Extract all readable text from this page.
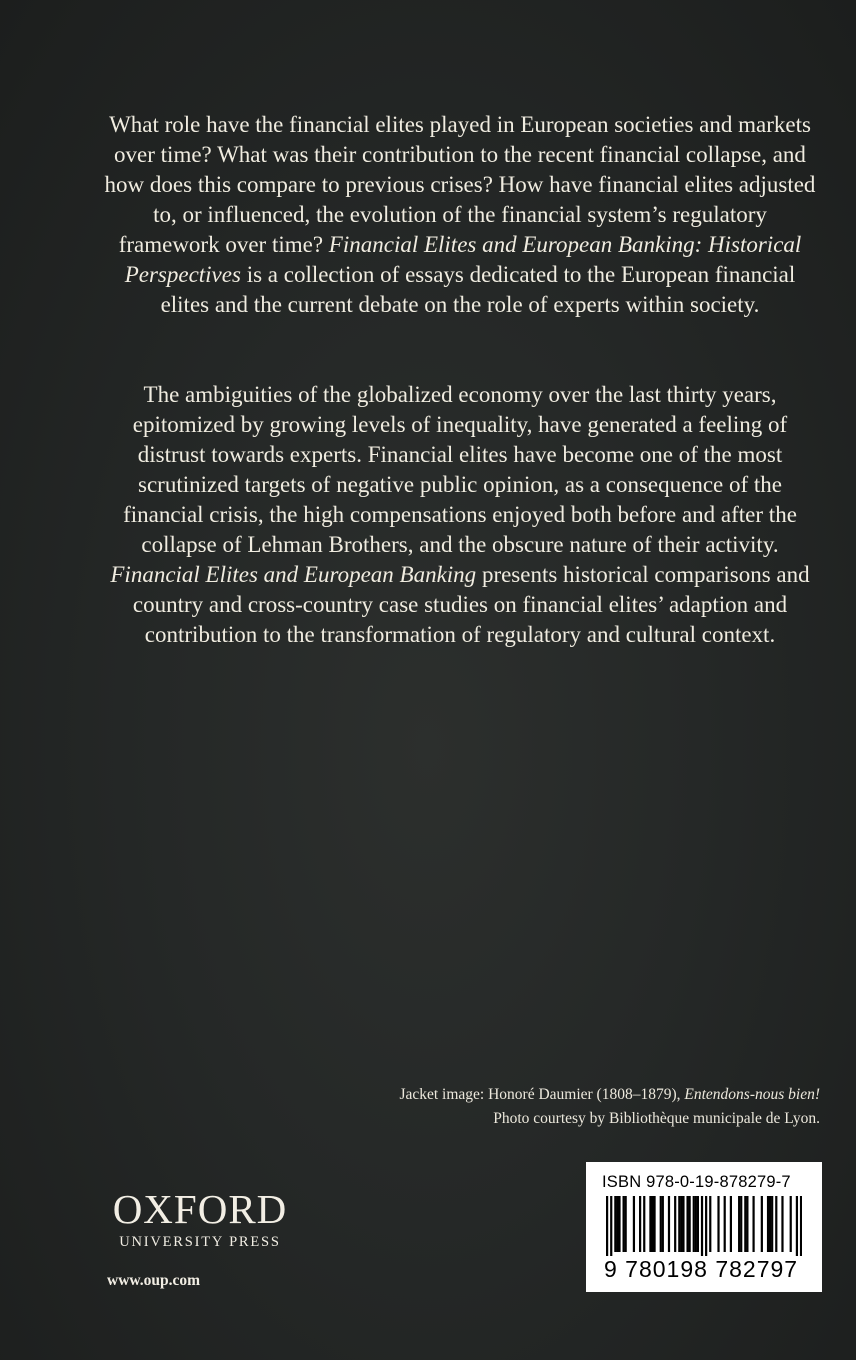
What role have the financial elites played in European societies and markets over time? What was their contribution to the recent financial collapse, and how does this compare to previous crises? How have financial elites adjusted to, or influenced, the evolution of the financial system’s regulatory framework over time? Financial Elites and European Banking: Historical Perspectives is a collection of essays dedicated to the European financial elites and the current debate on the role of experts within society.

The ambiguities of the globalized economy over the last thirty years, epitomized by growing levels of inequality, have generated a feeling of distrust towards experts. Financial elites have become one of the most scrutinized targets of negative public opinion, as a consequence of the financial crisis, the high compensations enjoyed both before and after the collapse of Lehman Brothers, and the obscure nature of their activity. Financial Elites and European Banking presents historical comparisons and country and cross-country case studies on financial elites’ adaption and contribution to the transformation of regulatory and cultural context.

Jacket image: Honoré Daumier (1808–1879), Entendons-nous bien!
Photo courtesy by Bibliothèque municipale de Lyon.
OXFORD
UNIVERSITY PRESS
www.oup.com
ISBN 978-0-19-878279-7
9 780198 782797
